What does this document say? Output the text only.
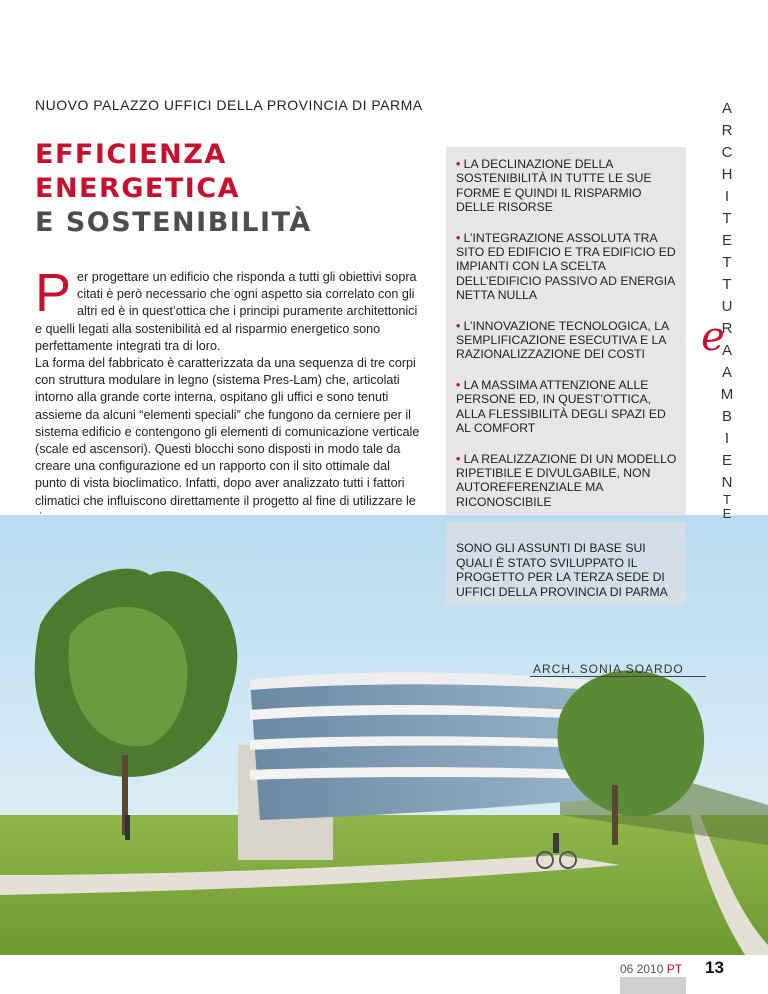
NUOVO PALAZZO UFFICI DELLA PROVINCIA DI PARMA
EFFICIENZA
ENERGETICA
E SOSTENIBILITÀ
Per progettare un edificio che risponda a tutti gli obiettivi sopra citati è però necessario che ogni aspetto sia correlato con gli altri ed è in quest’ottica che i principi puramente architettonici e quelli legati alla sostenibilità ed al risparmio energetico sono perfettamente integrati tra di loro.
La forma del fabbricato è caratterizzata da una sequenza di tre corpi con struttura modulare in legno (sistema Pres-Lam) che, articolati intorno alla grande corte interna, ospitano gli uffici e sono tenuti assieme da alcuni “elementi speciali” che fungono da cerniere per il sistema edificio e contengono gli elementi di comunicazione verticale (scale ed ascensori). Questi blocchi sono disposti in modo tale da creare una configurazione ed un rapporto con il sito ottimale dal punto di vista bioclimatico. Infatti, dopo aver analizzato tutti i fattori climatici che influiscono direttamente il progetto al fine di utilizzare le
• LA DECLINAZIONE DELLA SOSTENIBILITÀ IN TUTTE LE SUE FORME E QUINDI IL RISPARMIO DELLE RISORSE
• L’INTEGRAZIONE ASSOLUTA TRA SITO ED EDIFICIO E TRA EDIFICIO ED IMPIANTI CON LA SCELTA DELL’EDIFICIO PASSIVO AD ENERGIA NETTA NULLA
• L’INNOVAZIONE TECNOLOGICA, LA SEMPLIFICAZIONE ESECUTIVA E LA RAZIONALIZZAZIONE DEI COSTI
• LA MASSIMA ATTENZIONE ALLE PERSONE ED, IN QUEST’OTTICA, ALLA FLESSIBILITÀ DEGLI SPAZI ED AL COMFORT
• LA REALIZZAZIONE DI UN MODELLO RIPETIBILE E DIVULGABILE, NON AUTOREFERENZIALE MA RICONOSCIBILE
A
R
C
H
I
T
E
T
T
U
R
A
e
A
M
B
I
E
N
T
E
SONO GLI ASSUNTI DI BASE SUI QUALI È STATO SVILUPPATO IL PROGETTO PER LA TERZA SEDE DI UFFICI DELLA PROVINCIA DI PARMA
ARCH. SONIA SOARDO
06 2010 PT 13
